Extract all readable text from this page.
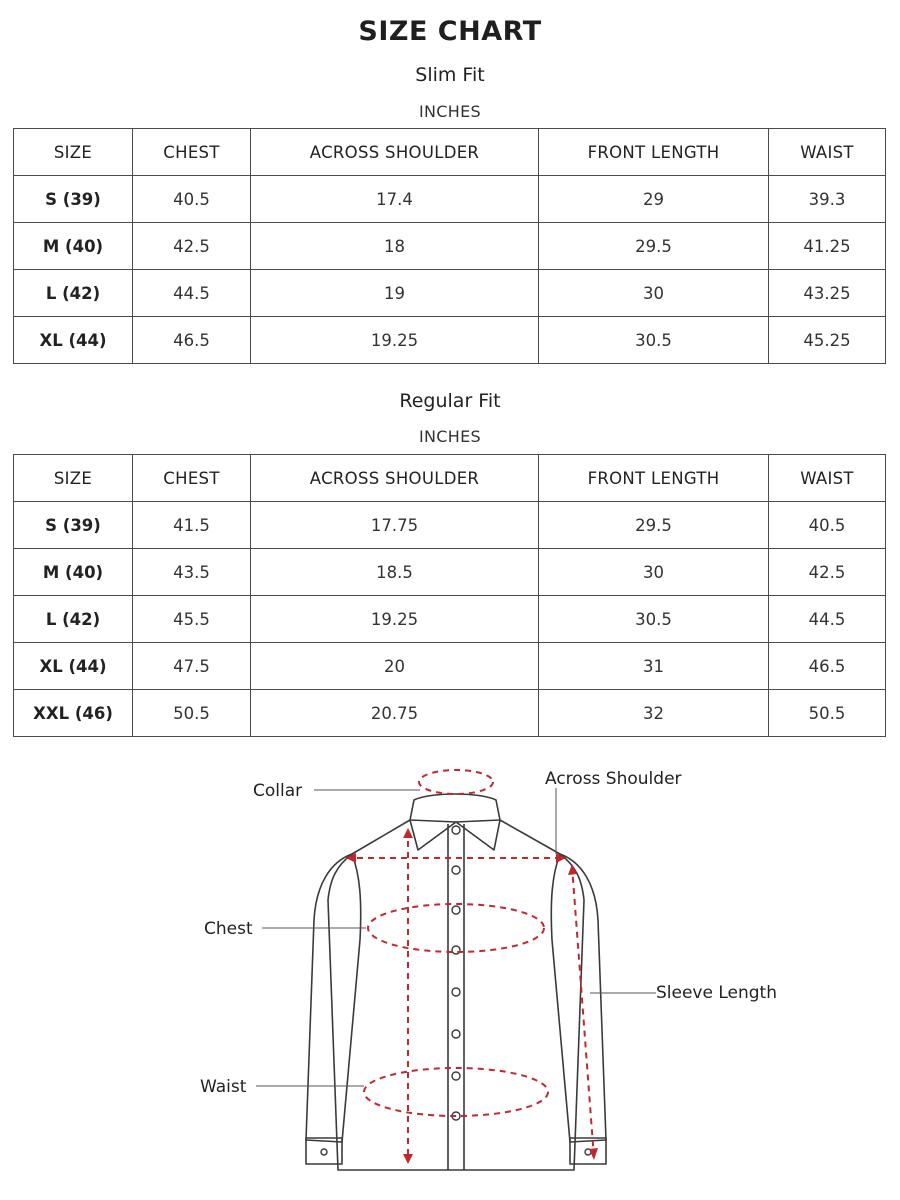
SIZE CHART
Slim Fit
INCHES
SIZE	CHEST	ACROSS SHOULDER	FRONT LENGTH	WAIST
S (39)	40.5	17.4	29	39.3
M (40)	42.5	18	29.5	41.25
L (42)	44.5	19	30	43.25
XL (44)	46.5	19.25	30.5	45.25
Regular Fit
INCHES
SIZE	CHEST	ACROSS SHOULDER	FRONT LENGTH	WAIST
S (39)	41.5	17.75	29.5	40.5
M (40)	43.5	18.5	30	42.5
L (42)	45.5	19.25	30.5	44.5
XL (44)	47.5	20	31	46.5
XXL (46)	50.5	20.75	32	50.5
Collar
Across Shoulder
Chest
Sleeve Length
Waist
